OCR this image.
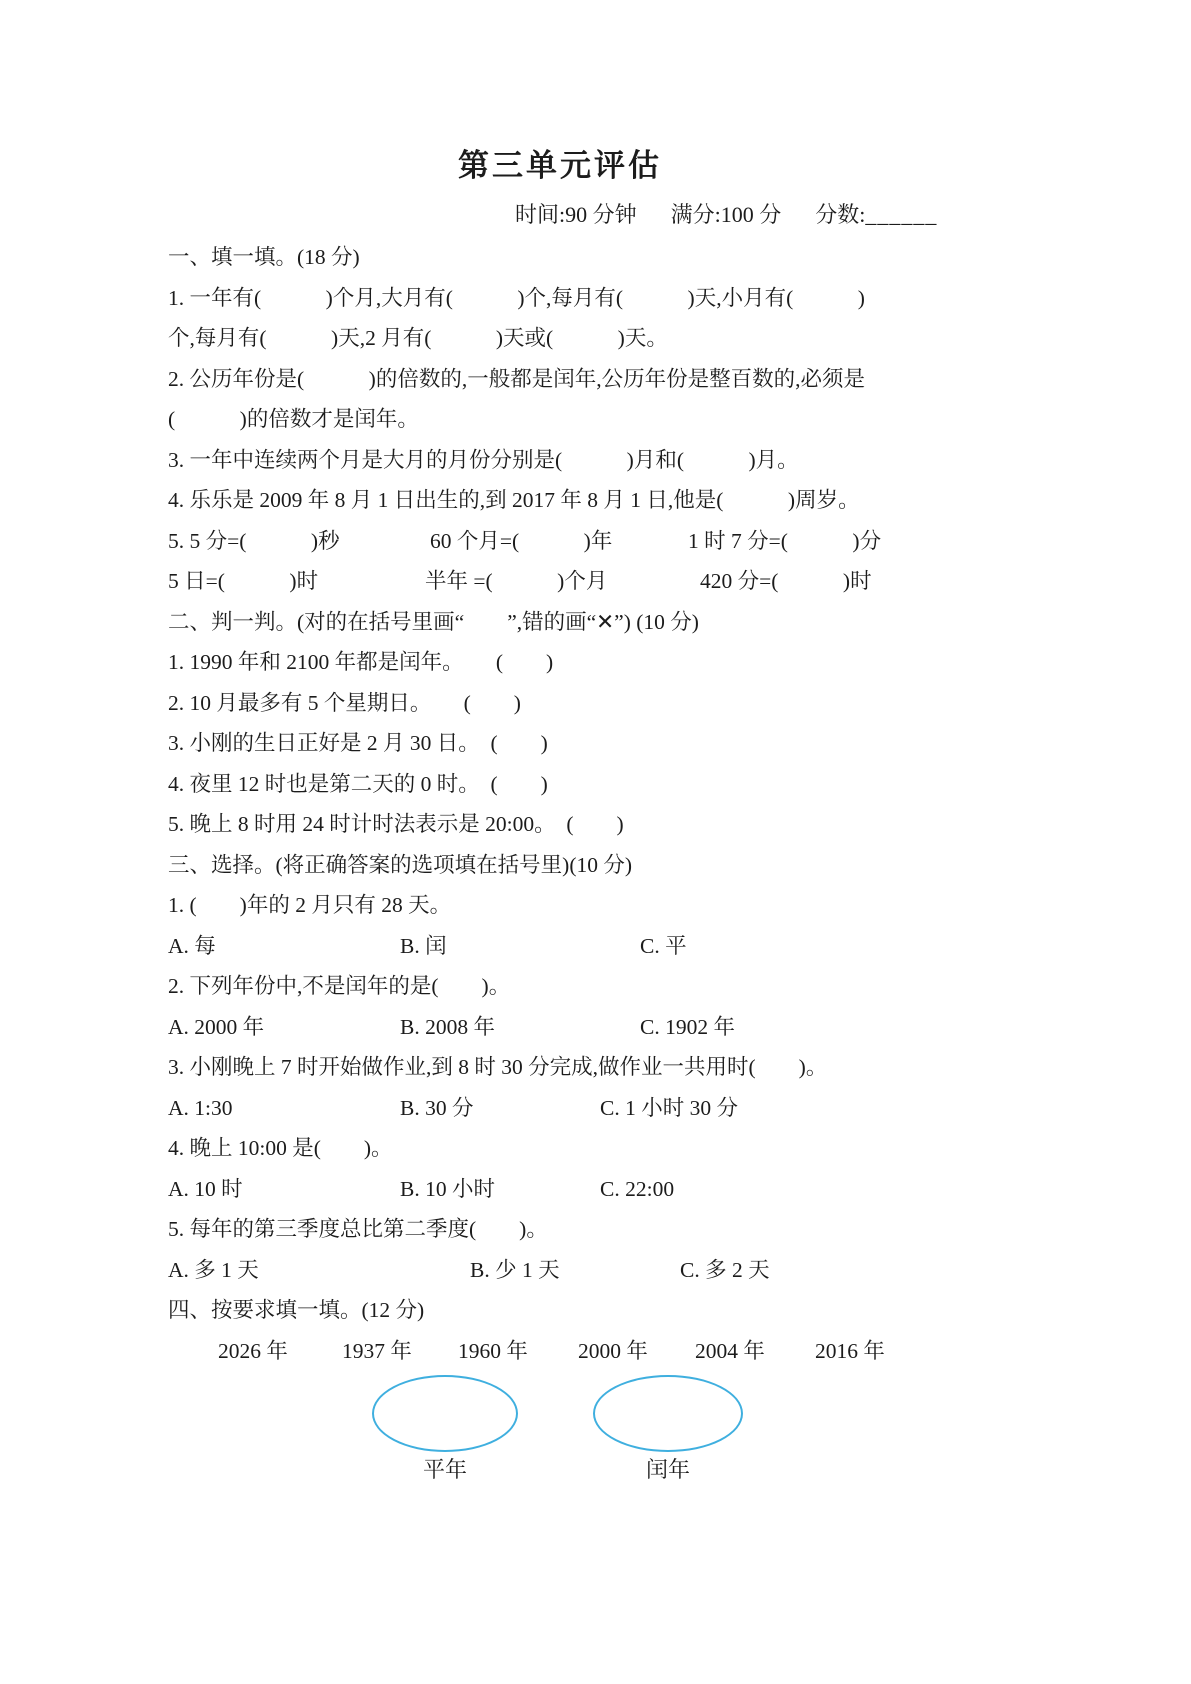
第三单元评估
时间:90 分钟 满分:100 分 分数:______
一、填一填。(18 分)
1. 一年有(　　　)个月,大月有(　　　)个,每月有(　　　)天,小月有(　　　)
个,每月有(　　　)天,2 月有(　　　)天或(　　　)天。
2. 公历年份是(　　　)的倍数的,一般都是闰年,公历年份是整百数的,必须是
(　　　)的倍数才是闰年。
3. 一年中连续两个月是大月的月份分别是(　　　)月和(　　　)月。
4. 乐乐是 2009 年 8 月 1 日出生的,到 2017 年 8 月 1 日,他是(　　　)周岁。
5. 5 分=(　　　)秒	60 个月=(　　　)年	1 时 7 分=(　　　)分
5 日=(　　　)时	半年 =(　　　)个月	420 分=(　　　)时
二、判一判。(对的在括号里画“　　”,错的画“✕”) (10 分)
1. 1990 年和 2100 年都是闰年。　　(　　)
2. 10 月最多有 5 个星期日。　　(　　)
3. 小刚的生日正好是 2 月 30 日。　(　　)
4. 夜里 12 时也是第二天的 0 时。　(　　)
5. 晚上 8 时用 24 时计时法表示是 20:00。　(　　)
三、选择。(将正确答案的选项填在括号里)(10 分)
1. (　　)年的 2 月只有 28 天。
A. 每	B. 闰	C. 平
2. 下列年份中,不是闰年的是(　　)。
A. 2000 年	B. 2008 年	C. 1902 年
3. 小刚晚上 7 时开始做作业,到 8 时 30 分完成,做作业一共用时(　　)。
A. 1:30	B. 30 分	C. 1 小时 30 分
4. 晚上 10:00 是(　　)。
A. 10 时	B. 10 小时	C. 22:00
5. 每年的第三季度总比第二季度(　　)。
A. 多 1 天	B. 少 1 天	C. 多 2 天
四、按要求填一填。(12 分)
2026 年	1937 年 1960 年 2000 年 2004 年 2016 年
平年	闰年
